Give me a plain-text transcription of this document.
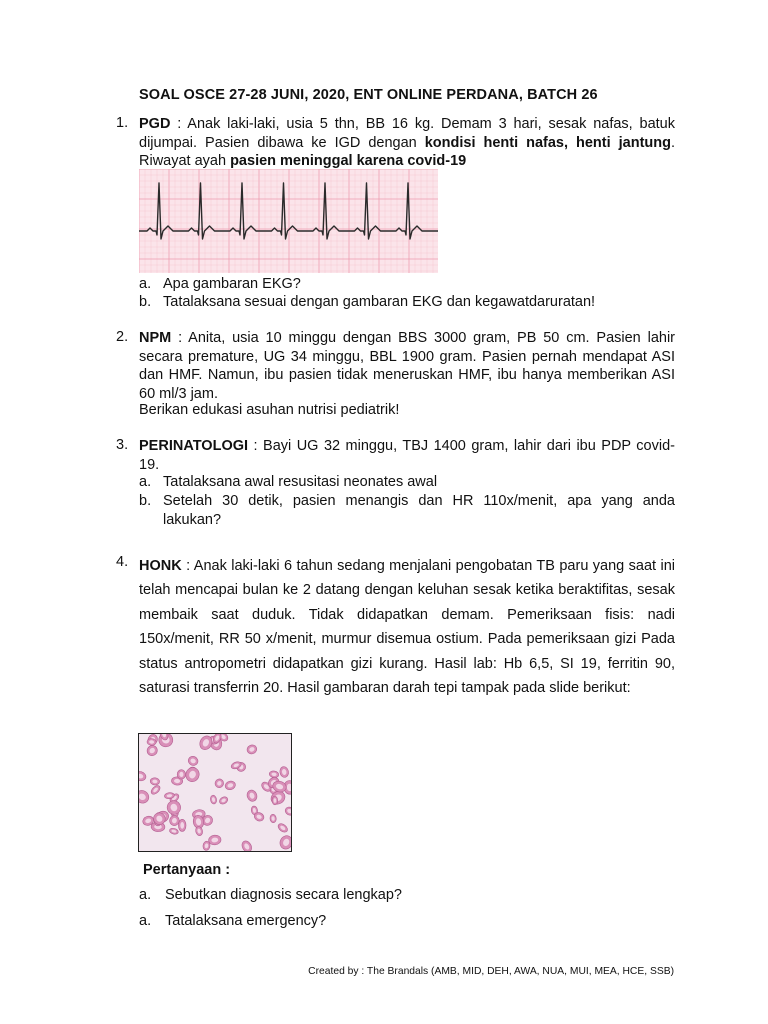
SOAL OSCE 27-28 JUNI, 2020, ENT ONLINE PERDANA, BATCH 26
1. PGD : Anak laki-laki, usia 5 thn, BB 16 kg. Demam 3 hari, sesak nafas, batuk dijumpai. Pasien dibawa ke IGD dengan kondisi henti nafas, henti jantung. Riwayat ayah pasien meninggal karena covid-19
a. Apa gambaran EKG?
b. Tatalaksana sesuai dengan gambaran EKG dan kegawatdaruratan!
2. NPM : Anita, usia 10 minggu dengan BBS 3000 gram, PB 50 cm. Pasien lahir secara premature, UG 34 minggu, BBL 1900 gram. Pasien pernah mendapat ASI dan HMF. Namun, ibu pasien tidak meneruskan HMF, ibu hanya memberikan ASI 60 ml/3 jam.
Berikan edukasi asuhan nutrisi pediatrik!
3. PERINATOLOGI : Bayi UG 32 minggu, TBJ 1400 gram, lahir dari ibu PDP covid-19.
a. Tatalaksana awal resusitasi neonates awal
b. Setelah 30 detik, pasien menangis dan HR 110x/menit, apa yang anda lakukan?
4. HONK : Anak laki-laki 6 tahun sedang menjalani pengobatan TB paru yang saat ini telah mencapai bulan ke 2 datang dengan keluhan sesak ketika beraktifitas, sesak membaik saat duduk. Tidak didapatkan demam. Pemeriksaan fisis: nadi 150x/menit, RR 50 x/menit, murmur disemua ostium. Pada pemeriksaan gizi Pada status antropometri didapatkan gizi kurang. Hasil lab: Hb 6,5, SI 19, ferritin 90, saturasi transferrin 20. Hasil gambaran darah tepi tampak pada slide berikut:
Pertanyaan :
a. Sebutkan diagnosis secara lengkap?
a. Tatalaksana emergency?
Created by : The Brandals (AMB, MID, DEH, AWA, NUA, MUI, MEA, HCE, SSB)
